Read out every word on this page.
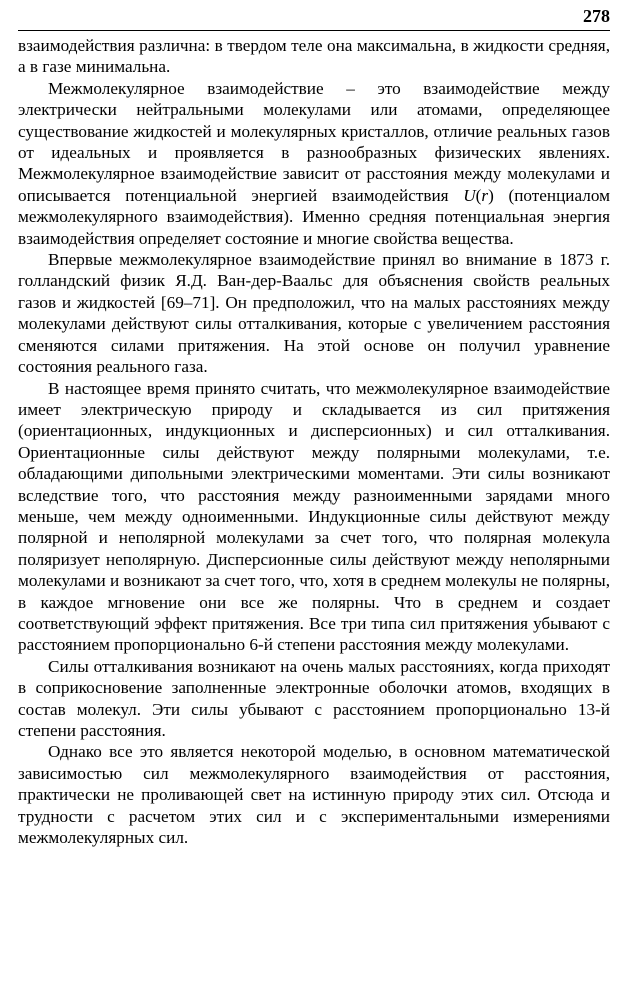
278

взаимодействия различна: в твердом теле она максимальна, в жидкости средняя, а в газе минимальна.

Межмолекулярное взаимодействие – это взаимодействие между электрически нейтральными молекулами или атомами, определяющее существование жидкостей и молекулярных кристаллов, отличие реальных газов от идеальных и проявляется в разнообразных физических явлениях. Межмолекулярное взаимодействие зависит от расстояния между молекулами и описывается потенциальной энергией взаимодействия U(r) (потенциалом межмолекулярного взаимодействия). Именно средняя потенциальная энергия взаимодействия определяет состояние и многие свойства вещества.

Впервые межмолекулярное взаимодействие принял во внимание в 1873 г. голландский физик Я.Д. Ван-дер-Ваальс для объяснения свойств реальных газов и жидкостей [69–71]. Он предположил, что на малых расстояниях между молекулами действуют силы отталкивания, которые с увеличением расстояния сменяются силами притяжения. На этой основе он получил уравнение состояния реального газа.

В настоящее время принято считать, что межмолекулярное взаимодействие имеет электрическую природу и складывается из сил притяжения (ориентационных, индукционных и дисперсионных) и сил отталкивания. Ориентационные силы действуют между полярными молекулами, т.е. обладающими дипольными электрическими моментами. Эти силы возникают вследствие того, что расстояния между разноименными зарядами много меньше, чем между одноименными. Индукционные силы действуют между полярной и неполярной молекулами за счет того, что полярная молекула поляризует неполярную. Дисперсионные силы действуют между неполярными молекулами и возникают за счет того, что, хотя в среднем молекулы не полярны, в каждое мгновение они все же полярны. Что в среднем и создает соответствующий эффект притяжения. Все три типа сил притяжения убывают с расстоянием пропорционально 6-й степени расстояния между молекулами.

Силы отталкивания возникают на очень малых расстояниях, когда приходят в соприкосновение заполненные электронные оболочки атомов, входящих в состав молекул. Эти силы убывают с расстоянием пропорционально 13-й степени расстояния.

Однако все это является некоторой моделью, в основном математической зависимостью сил межмолекулярного взаимодействия от расстояния, практически не проливающей свет на истинную природу этих сил. Отсюда и трудности с расчетом этих сил и с экспериментальными измерениями межмолекулярных сил.
